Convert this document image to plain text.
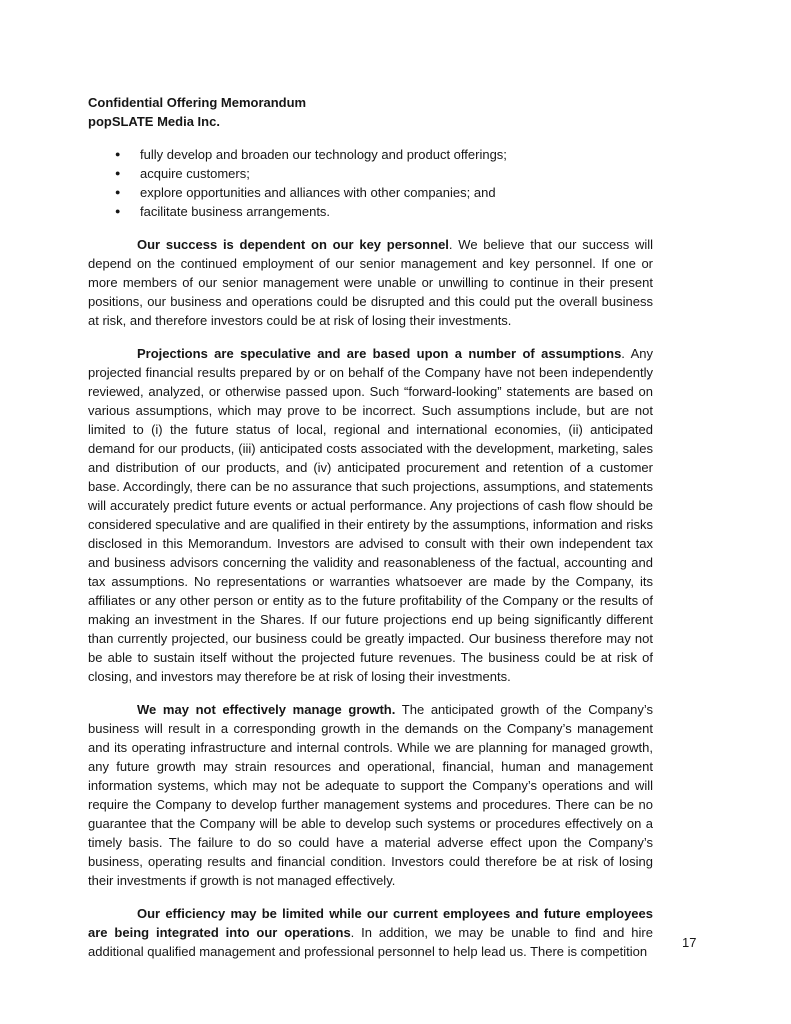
Confidential Offering Memorandum
popSLATE Media Inc.
● fully develop and broaden our technology and product offerings;
● acquire customers;
● explore opportunities and alliances with other companies; and
● facilitate business arrangements.

Our success is dependent on our key personnel. We believe that our success will depend on the continued employment of our senior management and key personnel. If one or more members of our senior management were unable or unwilling to continue in their present positions, our business and operations could be disrupted and this could put the overall business at risk, and therefore investors could be at risk of losing their investments.

Projections are speculative and are based upon a number of assumptions. Any projected financial results prepared by or on behalf of the Company have not been independently reviewed, analyzed, or otherwise passed upon. Such “forward-looking” statements are based on various assumptions, which may prove to be incorrect. Such assumptions include, but are not limited to (i) the future status of local, regional and international economies, (ii) anticipated demand for our products, (iii) anticipated costs associated with the development, marketing, sales and distribution of our products, and (iv) anticipated procurement and retention of a customer base. Accordingly, there can be no assurance that such projections, assumptions, and statements will accurately predict future events or actual performance. Any projections of cash flow should be considered speculative and are qualified in their entirety by the assumptions, information and risks disclosed in this Memorandum. Investors are advised to consult with their own independent tax and business advisors concerning the validity and reasonableness of the factual, accounting and tax assumptions. No representations or warranties whatsoever are made by the Company, its affiliates or any other person or entity as to the future profitability of the Company or the results of making an investment in the Shares. If our future projections end up being significantly different than currently projected, our business could be greatly impacted. Our business therefore may not be able to sustain itself without the projected future revenues. The business could be at risk of closing, and investors may therefore be at risk of losing their investments.

We may not effectively manage growth. The anticipated growth of the Company’s business will result in a corresponding growth in the demands on the Company’s management and its operating infrastructure and internal controls. While we are planning for managed growth, any future growth may strain resources and operational, financial, human and management information systems, which may not be adequate to support the Company’s operations and will require the Company to develop further management systems and procedures. There can be no guarantee that the Company will be able to develop such systems or procedures effectively on a timely basis. The failure to do so could have a material adverse effect upon the Company’s business, operating results and financial condition. Investors could therefore be at risk of losing their investments if growth is not managed effectively.

Our efficiency may be limited while our current employees and future employees are being integrated into our operations. In addition, we may be unable to find and hire additional qualified management and professional personnel to help lead us. There is competition

17
